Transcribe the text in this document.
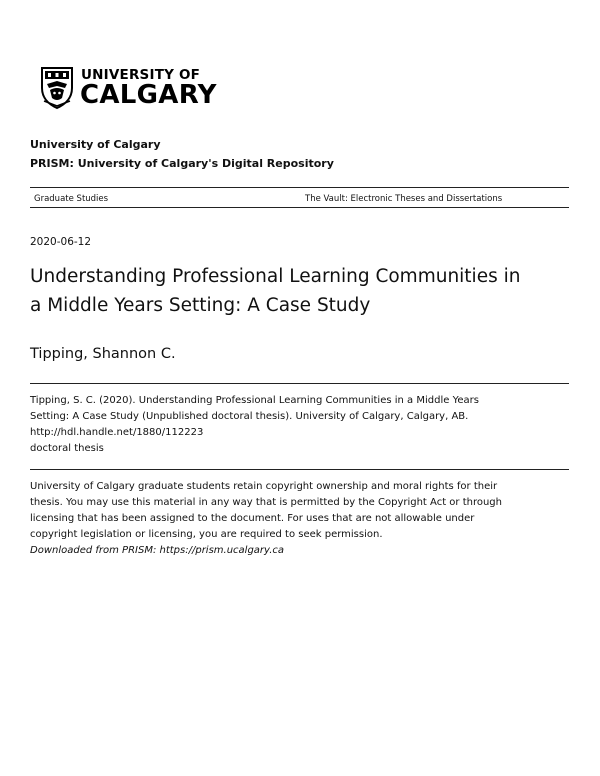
UNIVERSITY OF
CALGARY
University of Calgary
PRISM: University of Calgary's Digital Repository
Graduate Studies	The Vault: Electronic Theses and Dissertations
2020-06-12
Understanding Professional Learning Communities in
a Middle Years Setting: A Case Study
Tipping, Shannon C.
Tipping, S. C. (2020). Understanding Professional Learning Communities in a Middle Years
Setting: A Case Study (Unpublished doctoral thesis). University of Calgary, Calgary, AB.
http://hdl.handle.net/1880/112223
doctoral thesis
University of Calgary graduate students retain copyright ownership and moral rights for their
thesis. You may use this material in any way that is permitted by the Copyright Act or through
licensing that has been assigned to the document. For uses that are not allowable under
copyright legislation or licensing, you are required to seek permission.
Downloaded from PRISM: https://prism.ucalgary.ca
